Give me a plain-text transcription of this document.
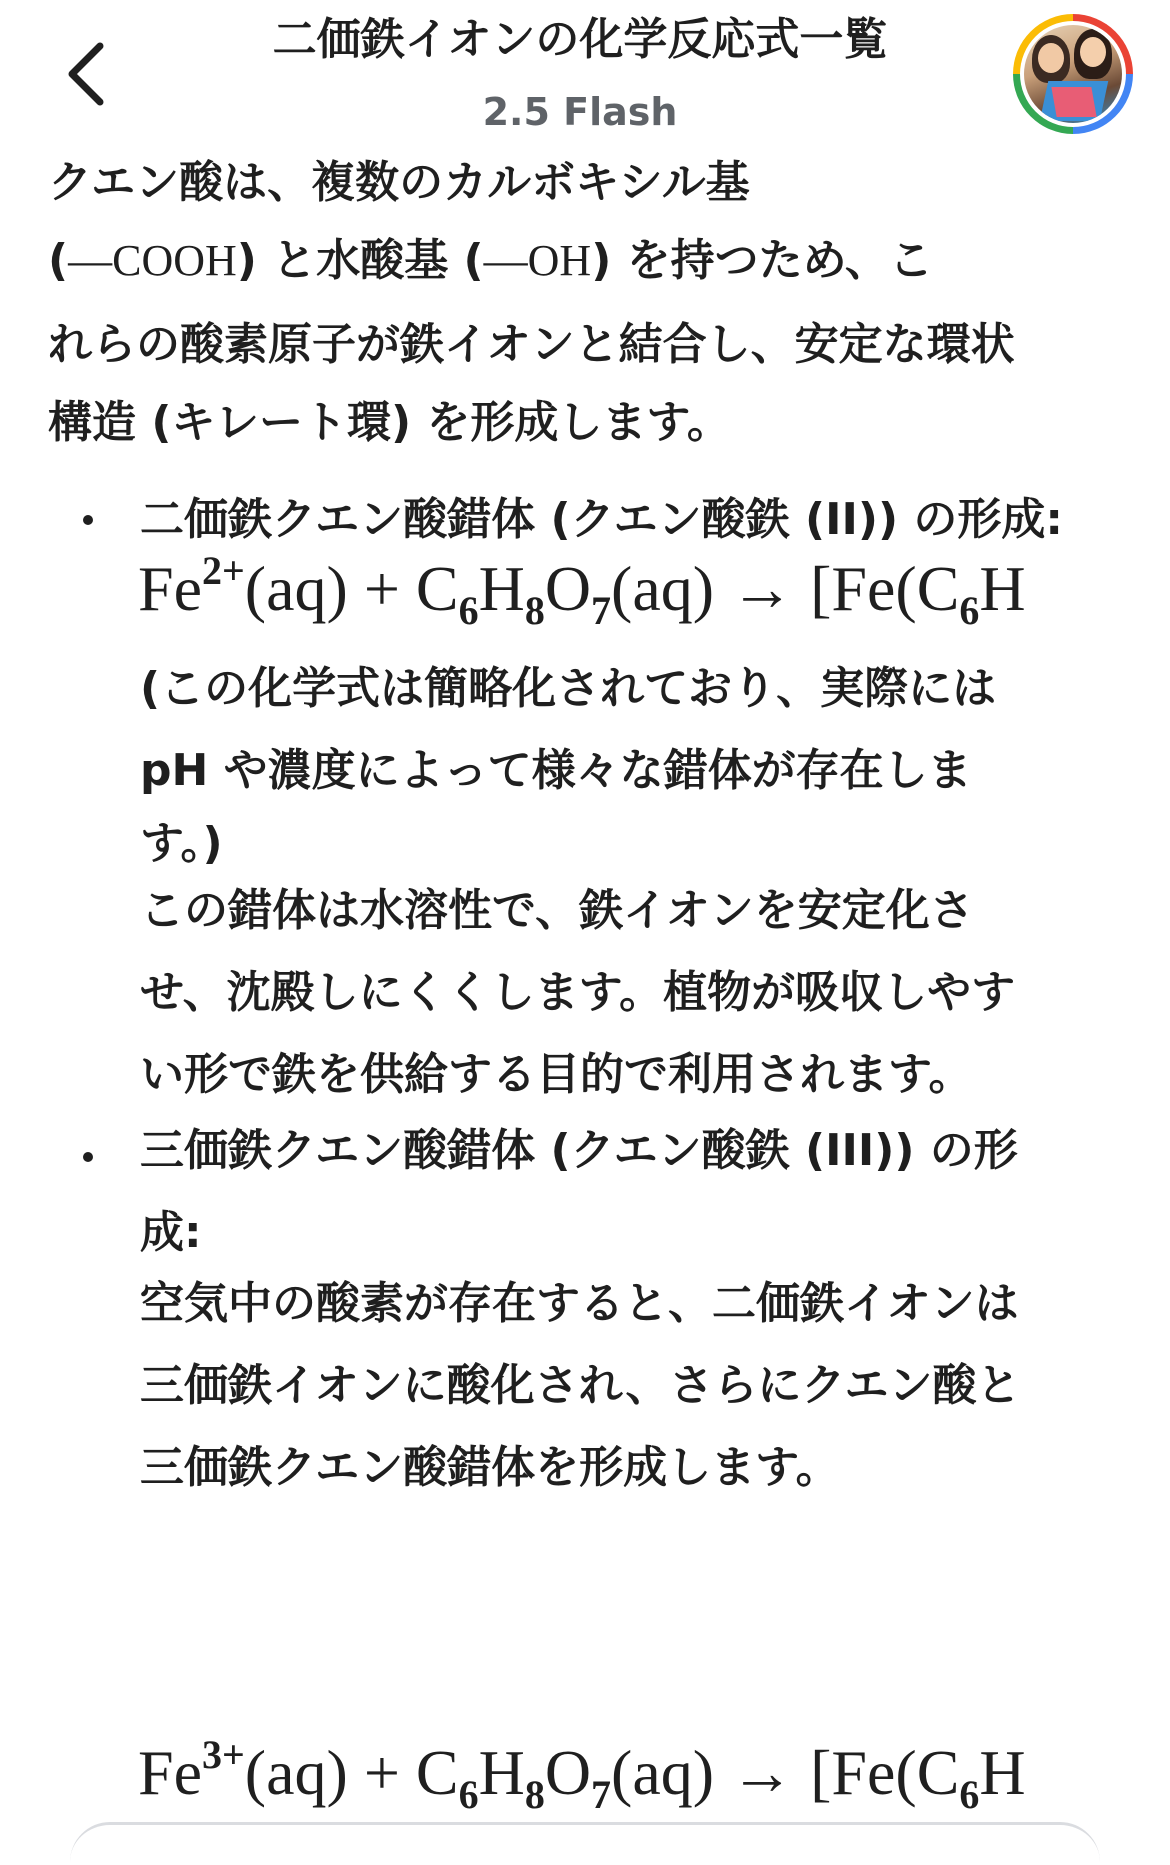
二価鉄イオンの化学反応式一覧
2.5 Flash
クエン酸は、複数のカルボキシル基
(—COOH) と水酸基 (—OH) を持つため、こ
れらの酸素原子が鉄イオンと結合し、安定な環状
構造 (キレート環) を形成します。
二価鉄クエン酸錯体 (クエン酸鉄 (II)) の形成:
$Fe^{2+}(aq) + C_6H_8O_7(aq) \to [Fe(C_6H$
(この化学式は簡略化されており、実際には
pH や濃度によって様々な錯体が存在しま
す。)
この錯体は水溶性で、鉄イオンを安定化さ
せ、沈殿しにくくします。植物が吸収しやす
い形で鉄を供給する目的で利用されます。
三価鉄クエン酸錯体 (クエン酸鉄 (III)) の形
成:
空気中の酸素が存在すると、二価鉄イオンは
三価鉄イオンに酸化され、さらにクエン酸と
三価鉄クエン酸錯体を形成します。
$Fe^{3+}(aq) + C_6H_8O_7(aq) \to [Fe(C_6H$
